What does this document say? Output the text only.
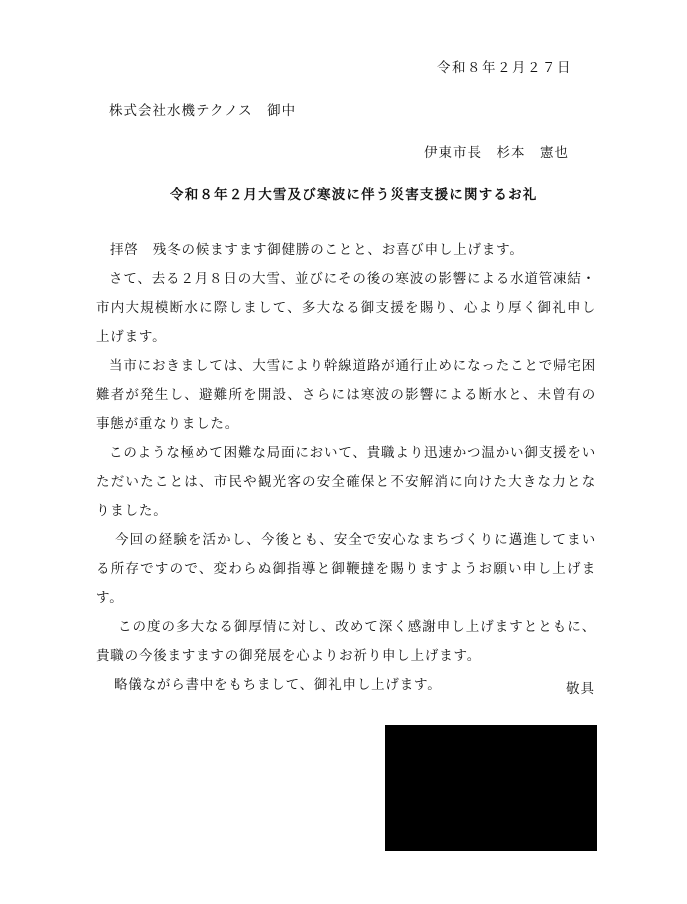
令和８年２月２７日
株式会社水機テクノス　御中
伊東市長　杉本　憲也
令和８年２月大雪及び寒波に伴う災害支援に関するお礼

拝啓　残冬の候ますます御健勝のことと、お喜び申し上げます。

さて、去る２月８日の大雪、並びにその後の寒波の影響による水道管凍結・市内大規模断水に際しまして、多大なる御支援を賜り、心より厚く御礼申し上げます。

当市におきましては、大雪により幹線道路が通行止めになったことで帰宅困難者が発生し、避難所を開設、さらには寒波の影響による断水と、未曾有の事態が重なりました。

このような極めて困難な局面において、貴職より迅速かつ温かい御支援をいただいたことは、市民や観光客の安全確保と不安解消に向けた大きな力となりました。

今回の経験を活かし、今後とも、安全で安心なまちづくりに邁進してまいる所存ですので、変わらぬ御指導と御鞭撻を賜りますようお願い申し上げます。

この度の多大なる御厚情に対し、改めて深く感謝申し上げますとともに、貴職の今後ますますの御発展を心よりお祈り申し上げます。

略儀ながら書中をもちまして、御礼申し上げます。	敬具
